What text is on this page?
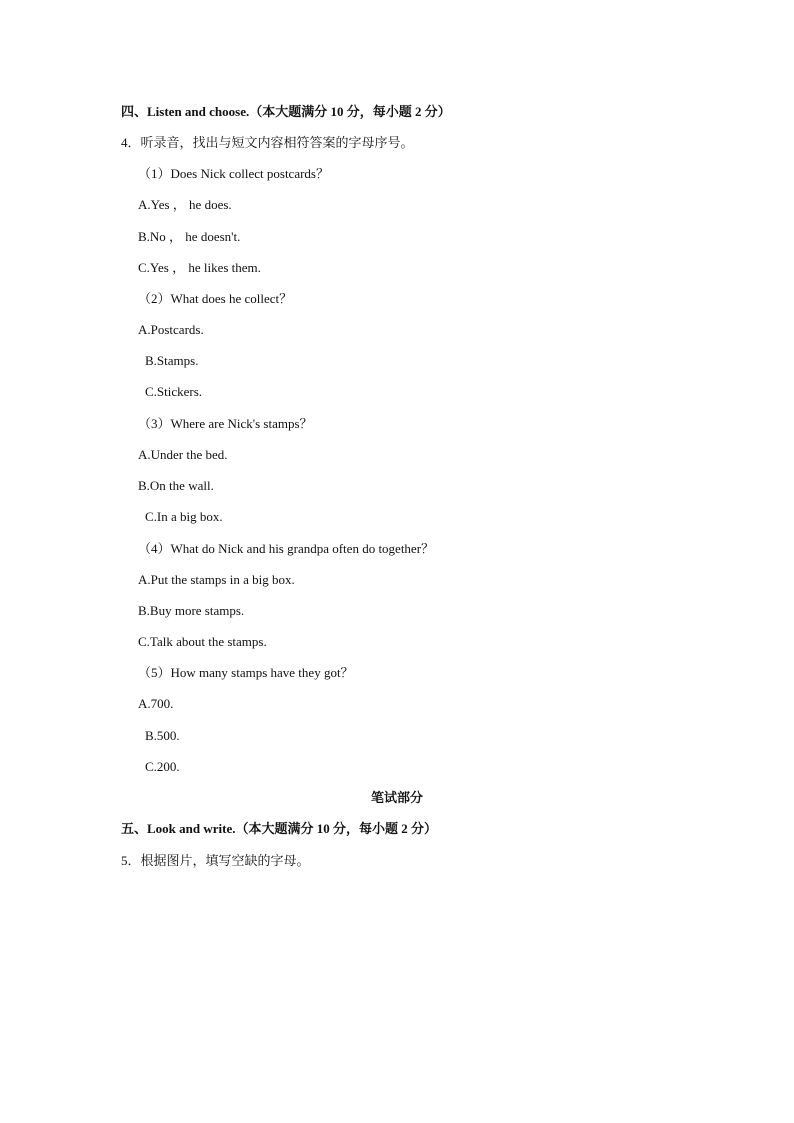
四、Listen and choose.（本大题满分 10 分，每小题 2 分）
4．听录音，找出与短文内容相符答案的字母序号。
（1）Does Nick collect postcards？
A.Yes ， he does.
B.No ， he doesn't.
C.Yes ， he likes them.
（2）What does he collect？
A.Postcards.
B.Stamps.
C.Stickers.
（3）Where are Nick's stamps？
A.Under the bed.
B.On the wall.
C.In a big box.
（4）What do Nick and his grandpa often do together？
A.Put the stamps in a big box.
B.Buy more stamps.
C.Talk about the stamps.
（5）How many stamps have they got？
A.700.
B.500.
C.200.
笔试部分
五、Look and write.（本大题满分 10 分，每小题 2 分）
5．根据图片，填写空缺的字母。
